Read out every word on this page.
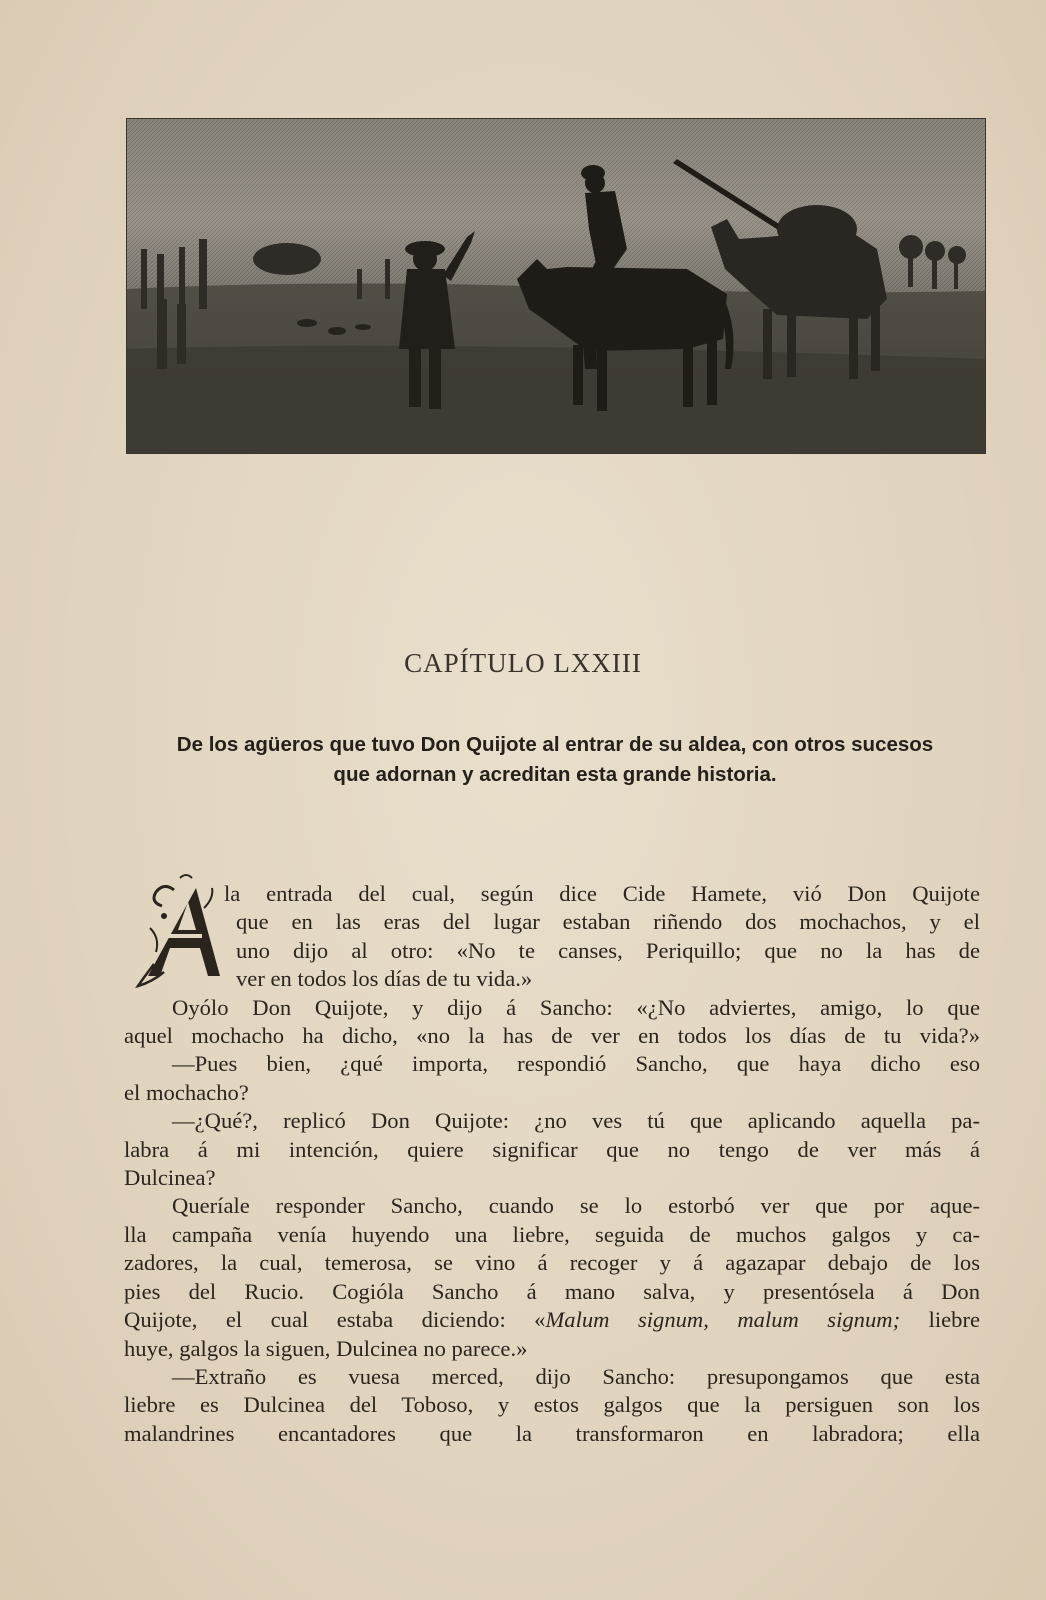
CAPÍTULO LXXIII
De los agüeros que tuvo Don Quijote al entrar de su aldea, con otros sucesos
que adornan y acreditan esta grande historia.
la entrada del cual, según dice Cide Hamete, vió Don Quijote
que en las eras del lugar estaban riñendo dos mochachos, y el
uno dijo al otro: «No te canses, Periquillo; que no la has de
ver en todos los días de tu vida.»
Oyólo Don Quijote, y dijo á Sancho: «¿No adviertes, amigo, lo que
aquel mochacho ha dicho, «no la has de ver en todos los días de tu vida?»
—Pues bien, ¿qué importa, respondió Sancho, que haya dicho eso
el mochacho?
—¿Qué?, replicó Don Quijote: ¿no ves tú que aplicando aquella pa-
labra á mi intención, quiere significar que no tengo de ver más á
Dulcinea?
Queríale responder Sancho, cuando se lo estorbó ver que por aque-
lla campaña venía huyendo una liebre, seguida de muchos galgos y ca-
zadores, la cual, temerosa, se vino á recoger y á agazapar debajo de los
pies del Rucio. Cogióla Sancho á mano salva, y presentósela á Don
Quijote, el cual estaba diciendo: «Malum signum, malum signum; liebre
huye, galgos la siguen, Dulcinea no parece.»
—Extraño es vuesa merced, dijo Sancho: presupongamos que esta
liebre es Dulcinea del Toboso, y estos galgos que la persiguen son los
malandrines encantadores que la transformaron en labradora; ella
